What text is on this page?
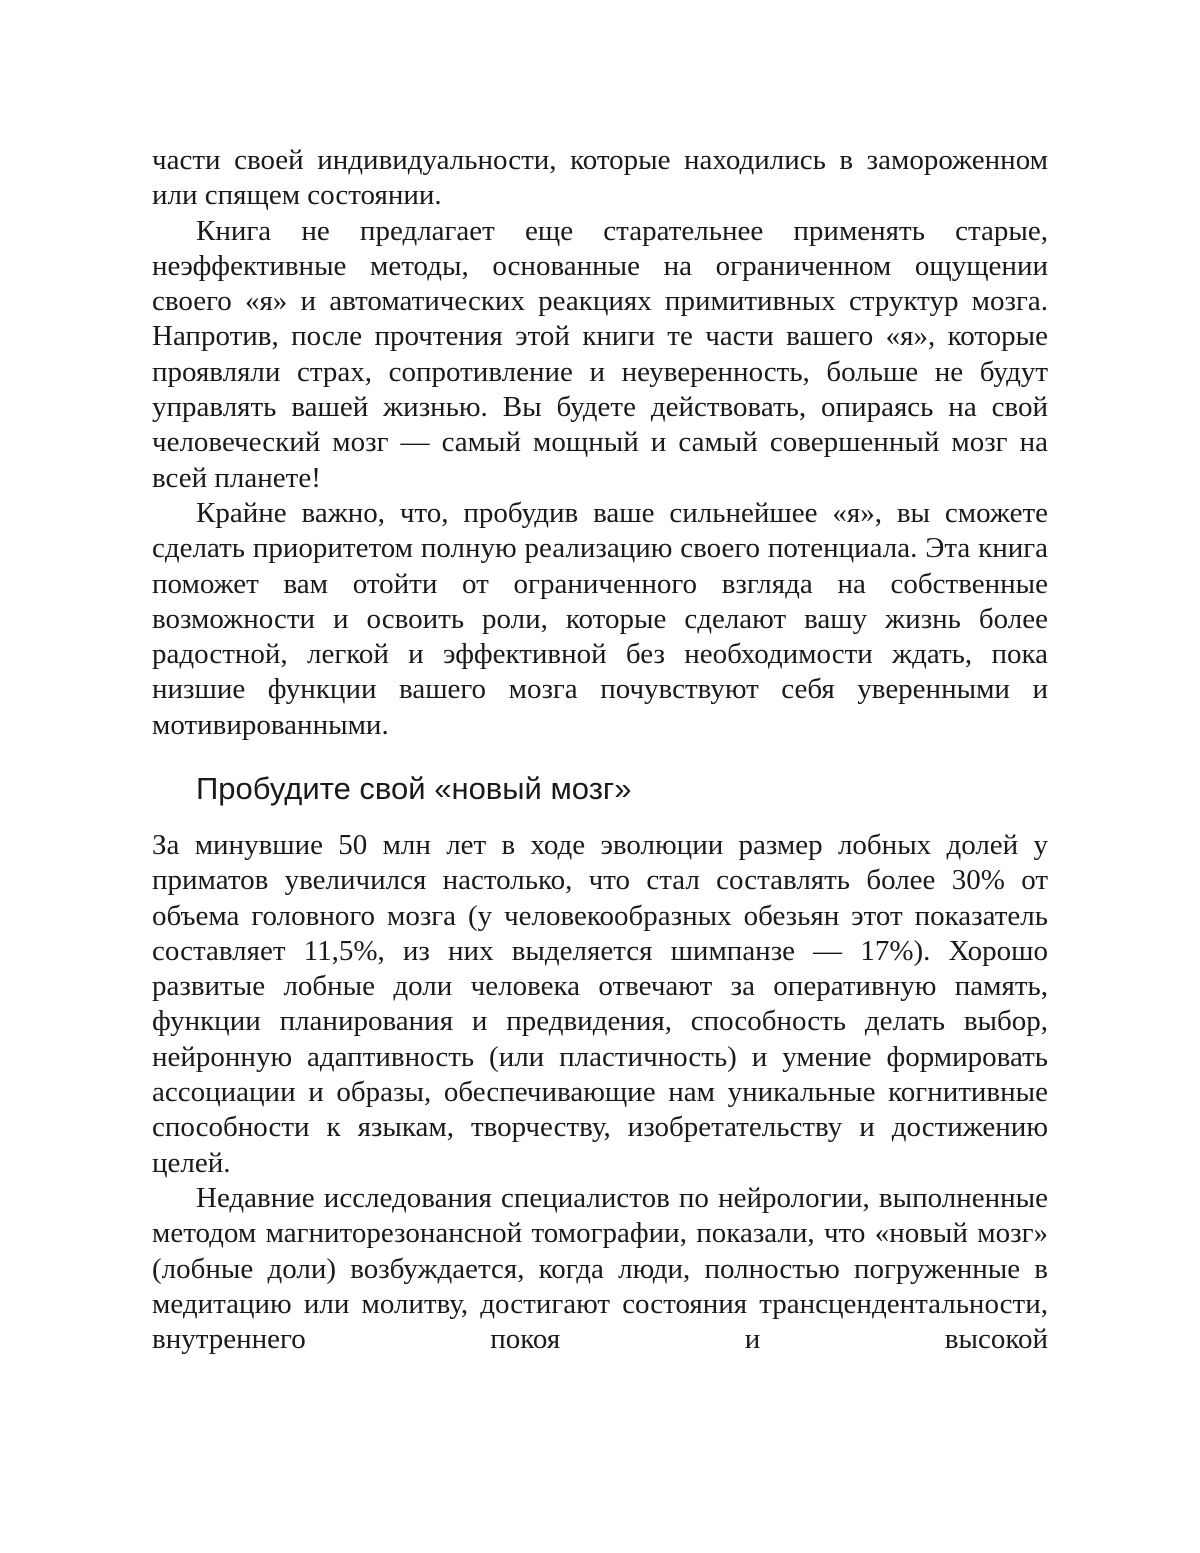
части своей индивидуальности, которые находились в замороженном или спящем состоянии.

Книга не предлагает еще старательнее применять старые, неэффективные методы, основанные на ограниченном ощущении своего «я» и автоматических реакциях примитивных структур мозга. Напротив, после прочтения этой книги те части вашего «я», которые проявляли страх, сопротивление и неуверенность, больше не будут управлять вашей жизнью. Вы будете действовать, опираясь на свой человеческий мозг — самый мощный и самый совершенный мозг на всей планете!

Крайне важно, что, пробудив ваше сильнейшее «я», вы сможете сделать приоритетом полную реализацию своего потенциала. Эта книга поможет вам отойти от ограниченного взгляда на собственные возможности и освоить роли, которые сделают вашу жизнь более радостной, легкой и эффективной без необходимости ждать, пока низшие функции вашего мозга почувствуют себя уверенными и мотивированными.

Пробудите свой «новый мозг»

За минувшие 50 млн лет в ходе эволюции размер лобных долей у приматов увеличился настолько, что стал составлять более 30% от объема головного мозга (у человекообразных обезьян этот показатель составляет 11,5%, из них выделяется шимпанзе — 17%). Хорошо развитые лобные доли человека отвечают за оперативную память, функции планирования и предвидения, способность делать выбор, нейронную адаптивность (или пластичность) и умение формировать ассоциации и образы, обеспечивающие нам уникальные когнитивные способности к языкам, творчеству, изобретательству и достижению целей.

Недавние исследования специалистов по нейрологии, выполненные методом магниторезонансной томографии, показали, что «новый мозг» (лобные доли) возбуждается, когда люди, полностью погруженные в медитацию или молитву, достигают состояния трансцендентальности, внутреннего покоя и высокой
